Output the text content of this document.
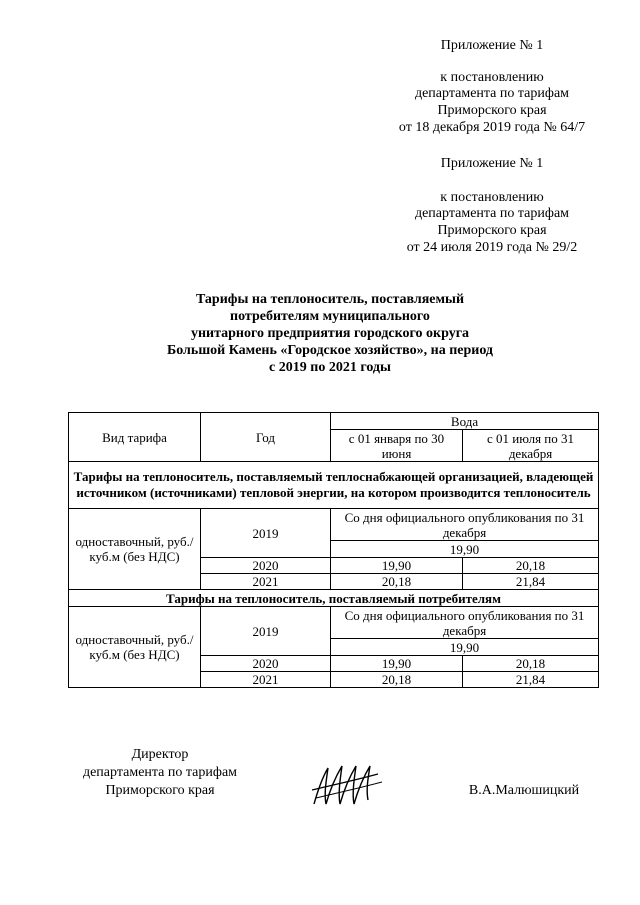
Приложение № 1
к постановлению
департамента по тарифам
Приморского края
от 18 декабря 2019 года № 64/7
Приложение № 1
к постановлению
департамента по тарифам
Приморского края
от 24 июля 2019 года № 29/2
Тарифы на теплоноситель, поставляемый
потребителям муниципального
унитарного предприятия городского округа
Большой Камень «Городское хозяйство», на период
с 2019 по 2021 годы
Вид тарифа	Год	Вода	
		с 01 января по 30 июня	с 01 июля по 31 декабря
Тарифы на теплоноситель, поставляемый теплоснабжающей организацией, владеющей источником (источниками) тепловой энергии, на котором производится теплоноситель			
одноставочный, руб./куб.м (без НДС)	2019	Со дня официального опубликования по 31 декабря	
		19,90	
	2020	19,90	20,18
	2021	20,18	21,84
Тарифы на теплоноситель, поставляемый потребителям			
одноставочный, руб./куб.м (без НДС)	2019	Со дня официального опубликования по 31 декабря	
		19,90	
	2020	19,90	20,18
	2021	20,18	21,84
Директор
департамента по тарифам
Приморского края	В.А.Малюшицкий
